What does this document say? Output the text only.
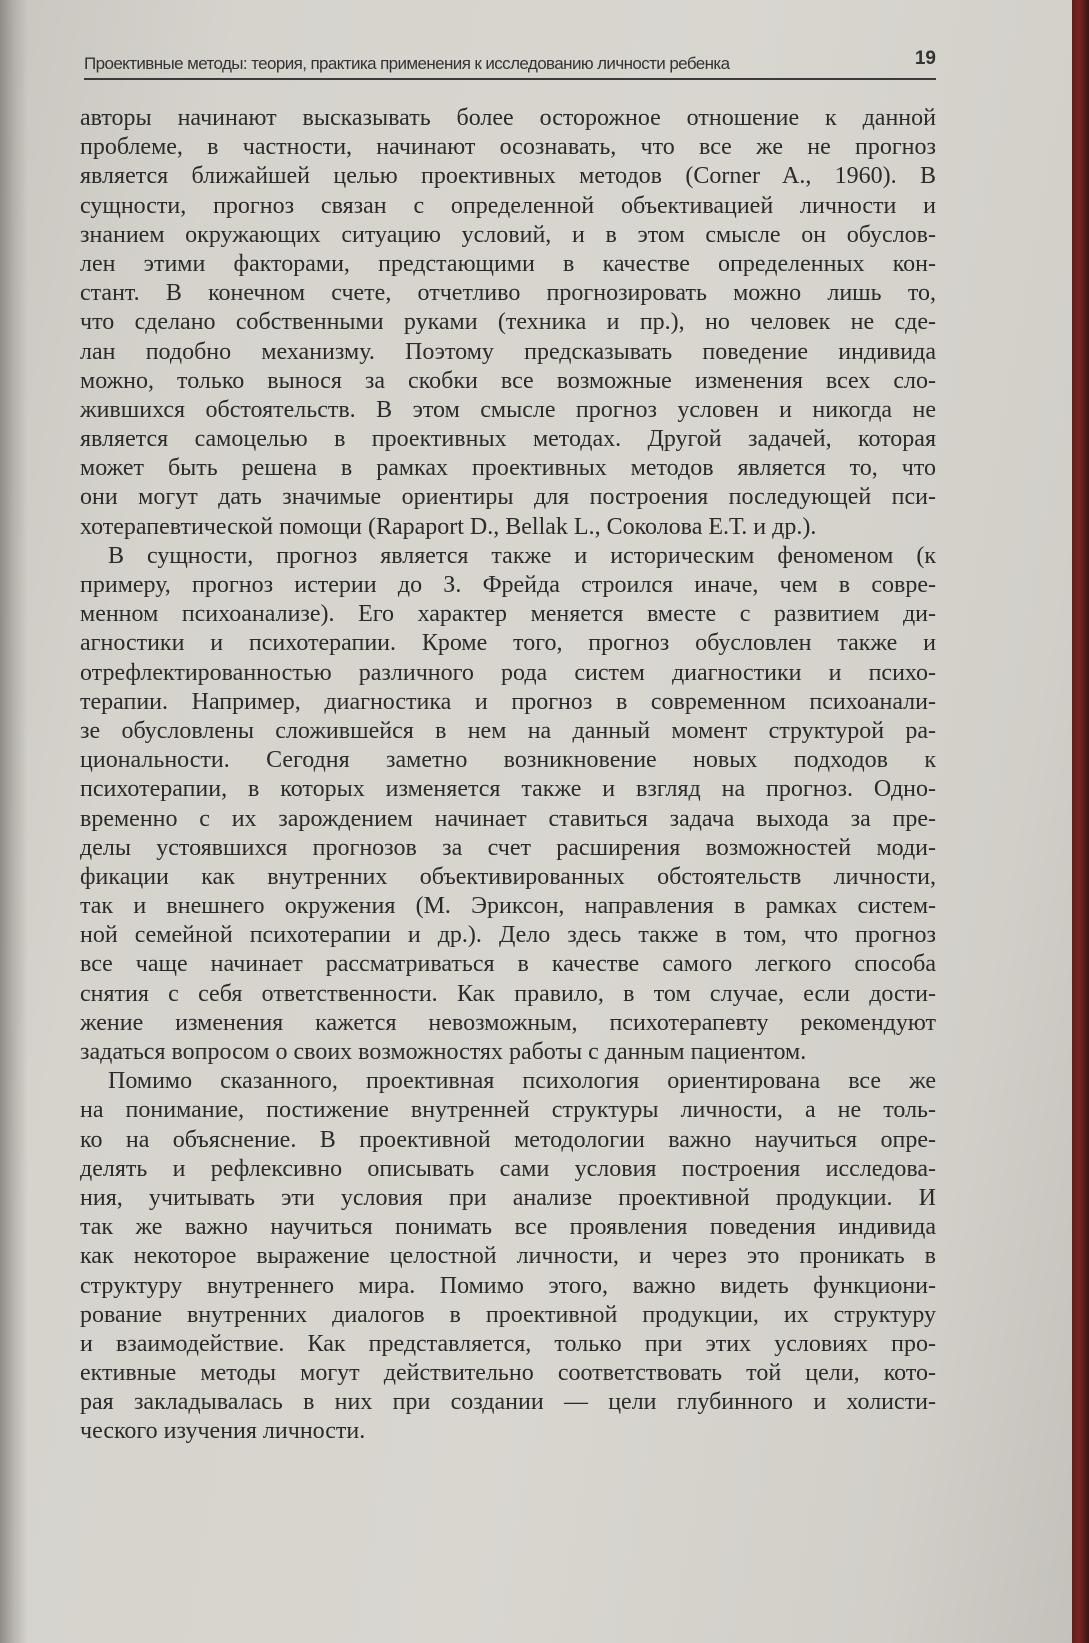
Проективные методы: теория, практика применения к исследованию личности ребенка	19
авторы начинают высказывать более осторожное отношение к данной
проблеме, в частности, начинают осознавать, что все же не прогноз
является ближайшей целью проективных методов (Corner A., 1960). В
сущности, прогноз связан с определенной объективацией личности и
знанием окружающих ситуацию условий, и в этом смысле он обуслов-
лен этими факторами, предстающими в качестве определенных кон-
стант. В конечном счете, отчетливо прогнозировать можно лишь то,
что сделано собственными руками (техника и пр.), но человек не сде-
лан подобно механизму. Поэтому предсказывать поведение индивида
можно, только вынося за скобки все возможные изменения всех сло-
жившихся обстоятельств. В этом смысле прогноз условен и никогда не
является самоцелью в проективных методах. Другой задачей, которая
может быть решена в рамках проективных методов является то, что
они могут дать значимые ориентиры для построения последующей пси-
хотерапевтической помощи (Rapaport D., Bellak L., Соколова Е.Т. и др.).
В сущности, прогноз является также и историческим феноменом (к
примеру, прогноз истерии до З. Фрейда строился иначе, чем в совре-
менном психоанализе). Его характер меняется вместе с развитием ди-
агностики и психотерапии. Кроме того, прогноз обусловлен также и
отрефлектированностью различного рода систем диагностики и психо-
терапии. Например, диагностика и прогноз в современном психоанали-
зе обусловлены сложившейся в нем на данный момент структурой ра-
циональности. Сегодня заметно возникновение новых подходов к
психотерапии, в которых изменяется также и взгляд на прогноз. Одно-
временно с их зарождением начинает ставиться задача выхода за пре-
делы устоявшихся прогнозов за счет расширения возможностей моди-
фикации как внутренних объективированных обстоятельств личности,
так и внешнего окружения (М. Эриксон, направления в рамках систем-
ной семейной психотерапии и др.). Дело здесь также в том, что прогноз
все чаще начинает рассматриваться в качестве самого легкого способа
снятия с себя ответственности. Как правило, в том случае, если дости-
жение изменения кажется невозможным, психотерапевту рекомендуют
задаться вопросом о своих возможностях работы с данным пациентом.
Помимо сказанного, проективная психология ориентирована все же
на понимание, постижение внутренней структуры личности, а не толь-
ко на объяснение. В проективной методологии важно научиться опре-
делять и рефлексивно описывать сами условия построения исследова-
ния, учитывать эти условия при анализе проективной продукции. И
так же важно научиться понимать все проявления поведения индивида
как некоторое выражение целостной личности, и через это проникать в
структуру внутреннего мира. Помимо этого, важно видеть функциони-
рование внутренних диалогов в проективной продукции, их структуру
и взаимодействие. Как представляется, только при этих условиях про-
ективные методы могут действительно соответствовать той цели, кото-
рая закладывалась в них при создании — цели глубинного и холисти-
ческого изучения личности.
